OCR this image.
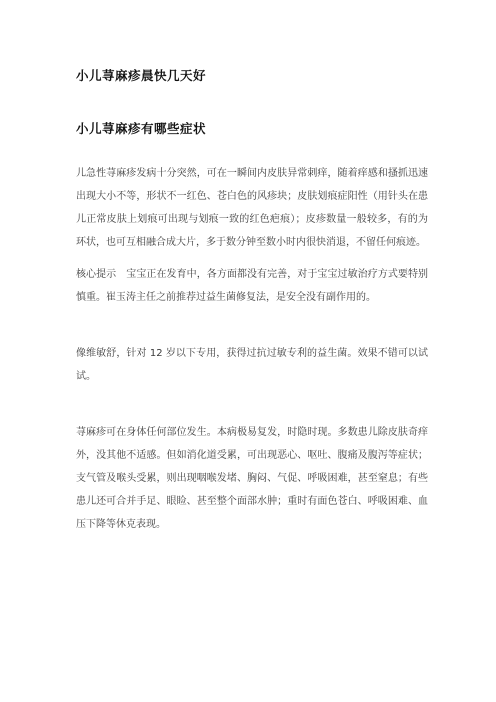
小儿荨麻疹晨快几天好
小儿荨麻疹有哪些症状

儿急性荨麻疹发病十分突然，可在一瞬间内皮肤异常刺痒，随着痒感和搔抓迅速出现大小不等，形状不一红色、苍白色的风疹块；皮肤划痕症阳性（用针头在患儿正常皮肤上划痕可出现与划痕一致的红色疤痕）；皮疹数量一般较多，有的为环状，也可互相融合成大片，多于数分钟至数小时内很快消退，不留任何痕迹。

核心提示　宝宝正在发育中，各方面都没有完善，对于宝宝过敏治疗方式要特别慎重。崔玉涛主任之前推荐过益生菌修复法，是安全没有副作用的。

像维敏舒，针对 12 岁以下专用，获得过抗过敏专利的益生菌。效果不错可以试试。

荨麻疹可在身体任何部位发生。本病极易复发，时隐时现。多数患儿除皮肤奇痒外，没其他不适感。但如消化道受累，可出现恶心、呕吐、腹痛及腹泻等症状；支气管及喉头受累，则出现咽喉发堵、胸闷、气促、呼吸困难，甚至窒息；有些患儿还可合并手足、眼睑、甚至整个面部水肿；重时有面色苍白、呼吸困难、血压下降等休克表现。
